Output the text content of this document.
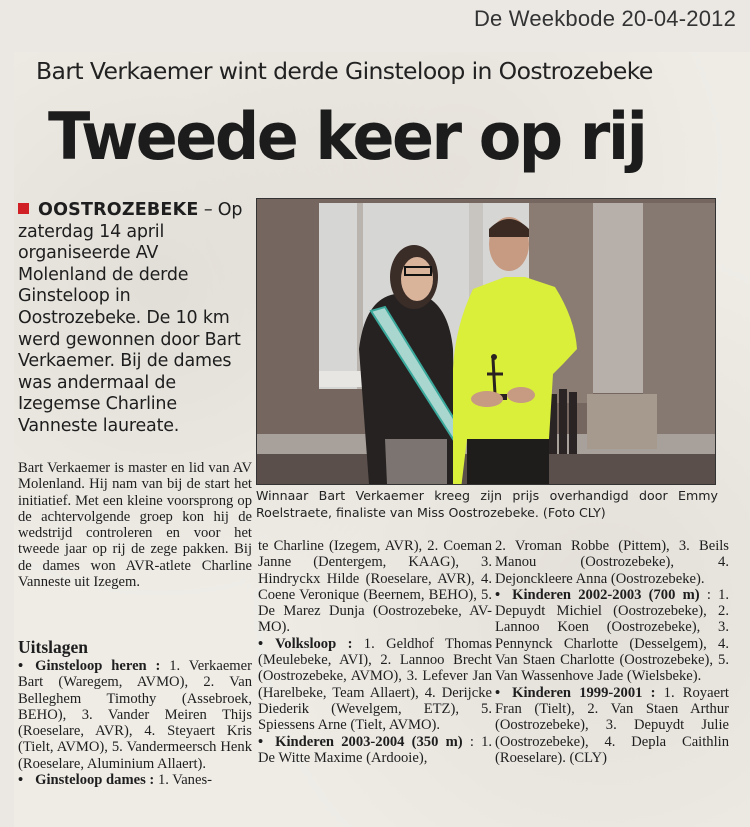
De Weekbode 20-04-2012
Bart Verkaemer wint derde Ginsteloop in Oostrozebeke
Tweede keer op rij
OOSTROZEBEKE – Op zaterdag 14 april organiseerde AV Molenland de derde Ginsteloop in Oostrozebeke. De 10 km werd gewonnen door Bart Verkaemer. Bij de dames was andermaal de Izegemse Charline Vanneste laureate.
Bart Verkaemer is master en lid van AV Molenland. Hij nam van bij de start het initiatief. Met een kleine voorsprong op de achtervolgende groep kon hij de wedstrijd controleren en voor het tweede jaar op rij de zege pakken. Bij de dames won AVR-atlete Charline Vanneste uit Izegem.
Winnaar Bart Verkaemer kreeg zijn prijs overhandigd door Emmy Roelstraete, finaliste van Miss Oostrozebeke. (Foto CLY)
Uitslagen

• Ginsteloop heren : 1. Verkaemer Bart (Waregem, AVMO), 2. Van Belleghem Timothy (Assebroek, BEHO), 3. Vander Meiren Thijs (Roeselare, AVR), 4. Steyaert Kris (Tielt, AVMO), 5. Vandermeersch Henk (Roeselare, Aluminium Allaert).

• Ginsteloop dames : 1. Vanes-

te Charline (Izegem, AVR), 2. Coeman Janne (Dentergem, KAAG), 3. Hindryckx Hilde (Roeselare, AVR), 4. Coene Veronique (Beernem, BEHO), 5. De Marez Dunja (Oostrozebeke, AV-MO).

• Volksloop : 1. Geldhof Thomas (Meulebeke, AVI), 2. Lannoo Brecht (Oostrozebeke, AVMO), 3. Lefever Jan (Harelbeke, Team Allaert), 4. Derijcke Diederik (Wevelgem, ETZ), 5. Spiessens Arne (Tielt, AVMO).

• Kinderen 2003-2004 (350 m) : 1. De Witte Maxime (Ardooie),

2. Vroman Robbe (Pittem), 3. Beils Manou (Oostrozebeke), 4. Dejonckleere Anna (Oostrozebeke).

• Kinderen 2002-2003 (700 m) : 1. Depuydt Michiel (Oostrozebeke), 2. Lannoo Koen (Oostrozebeke), 3. Pennynck Charlotte (Desselgem), 4. Van Staen Charlotte (Oostrozebeke), 5. Van Wassenhove Jade (Wielsbeke).

• Kinderen 1999-2001 : 1. Royaert Fran (Tielt), 2. Van Staen Arthur (Oostrozebeke), 3. Depuydt Julie (Oostrozebeke), 4. Depla Caithlin (Roeselare). (CLY)
